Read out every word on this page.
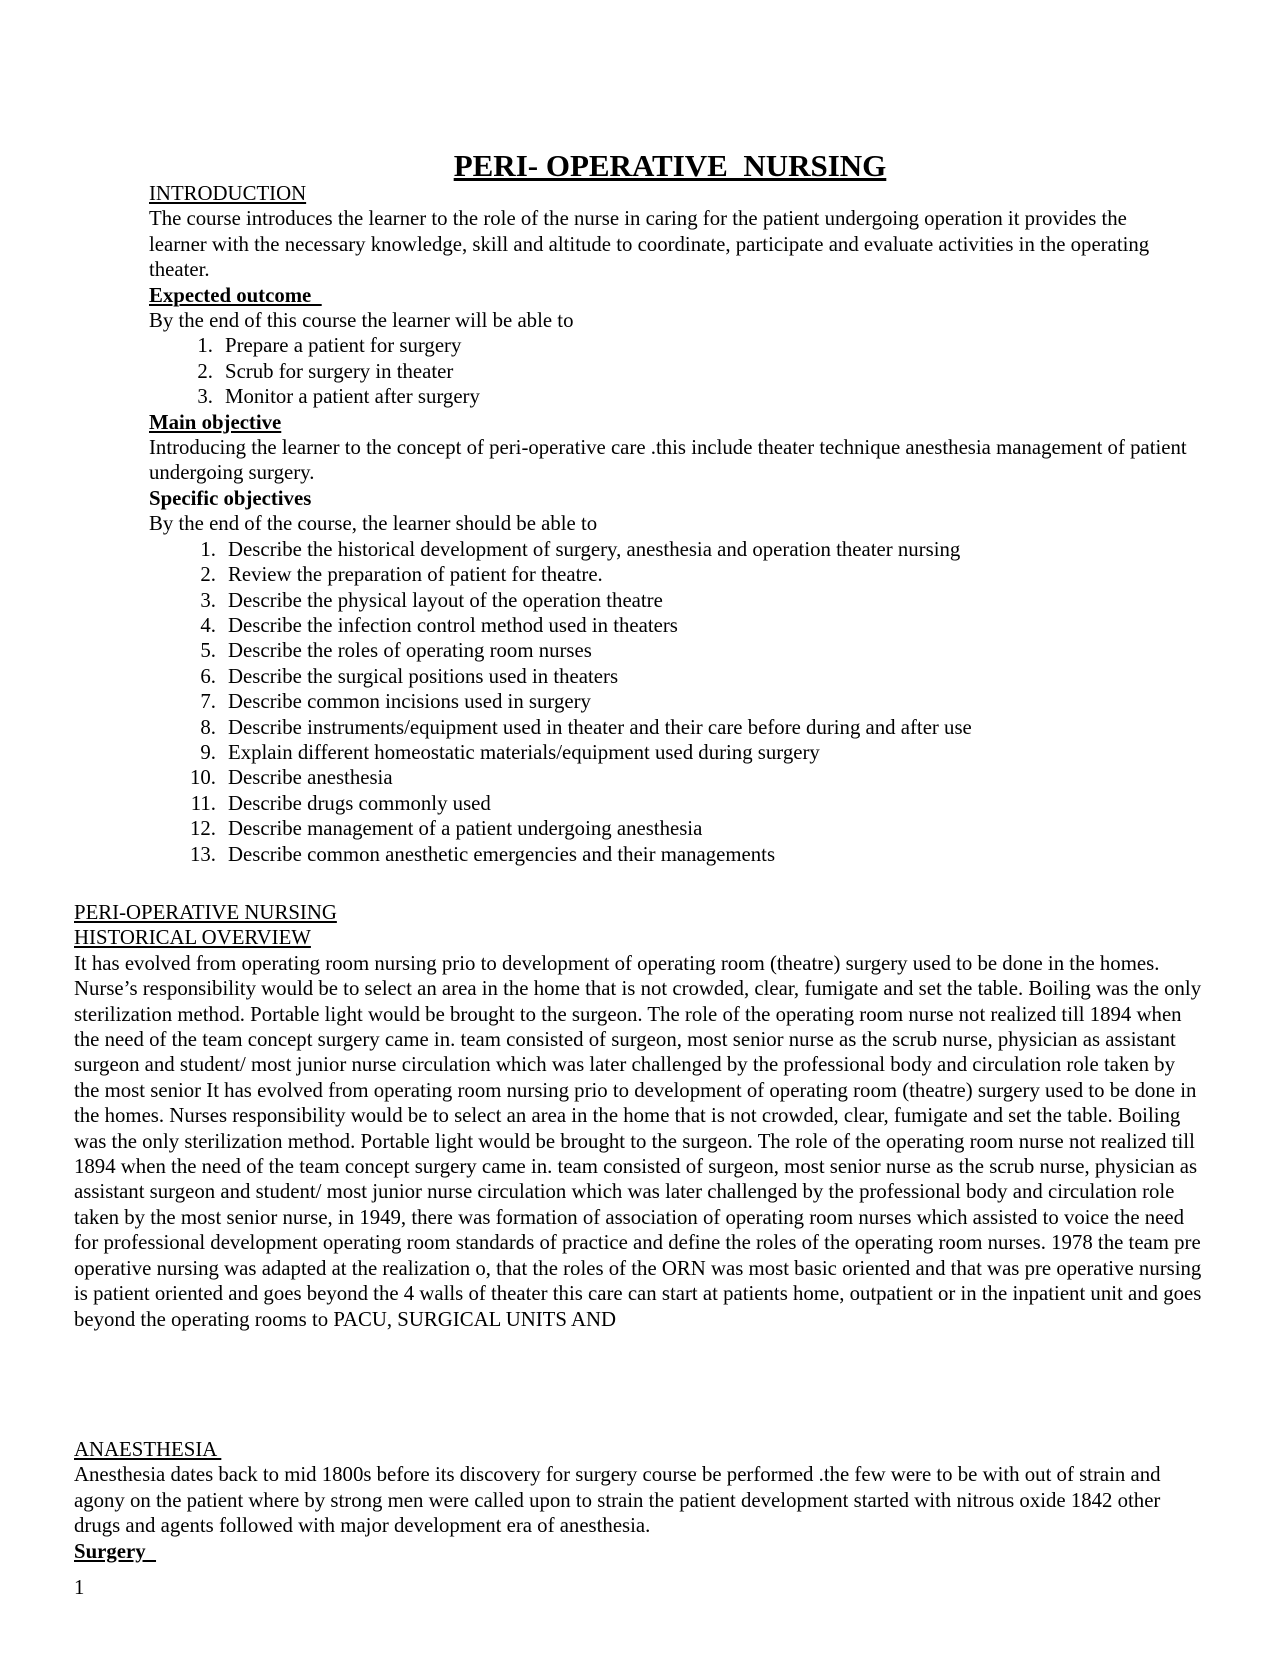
PERI- OPERATIVE  NURSING

INTRODUCTION

The course introduces the learner to the role of the nurse in caring for the patient undergoing operation it provides the learner with the necessary knowledge, skill and altitude to coordinate, participate and evaluate activities in the operating theater.

Expected outcome

By the end of this course the learner will be able to

1. Prepare a patient for surgery
2. Scrub for surgery in theater
3. Monitor a patient after surgery

Main objective

Introducing the learner to the concept of peri-operative care .this include theater technique anesthesia management of patient undergoing surgery.

Specific objectives

By the end of the course, the learner should be able to

1. Describe the historical development of surgery, anesthesia and operation theater nursing
2. Review the preparation of patient for theatre.
3. Describe the physical layout of the operation theatre
4. Describe the infection control method used in theaters
5. Describe the roles of operating room nurses
6. Describe the surgical positions used in theaters
7. Describe common incisions used in surgery
8. Describe instruments/equipment used in theater and their care before during and after use
9. Explain different homeostatic materials/equipment used during surgery
10. Describe anesthesia
11. Describe drugs commonly used
12. Describe management of a patient undergoing anesthesia
13. Describe common anesthetic emergencies and their managements

PERI-OPERATIVE NURSING

HISTORICAL OVERVIEW

It has evolved from operating room nursing prio to development of operating room (theatre) surgery used to be done in the homes. Nurse’s responsibility would be to select an area in the home that is not crowded, clear, fumigate and set the table. Boiling was the only sterilization method. Portable light would be brought to the surgeon. The role of the operating room nurse not realized till 1894 when the need of the team concept surgery came in. team consisted of surgeon, most senior nurse as the scrub nurse, physician as assistant surgeon and student/ most junior nurse circulation which was later challenged by the professional body and circulation role taken by the most senior It has evolved from operating room nursing prio to development of operating room (theatre) surgery used to be done in the homes. Nurses responsibility would be to select an area in the home that is not crowded, clear, fumigate and set the table. Boiling was the only sterilization method. Portable light would be brought to the surgeon. The role of the operating room nurse not realized till 1894 when the need of the team concept surgery came in. team consisted of surgeon, most senior nurse as the scrub nurse, physician as assistant surgeon and student/ most junior nurse circulation which was later challenged by the professional body and circulation role taken by the most senior nurse, in 1949, there was formation of association of operating room nurses which assisted to voice the need for professional development operating room standards of practice and define the roles of the operating room nurses. 1978 the team pre operative nursing was adapted at the realization o, that the roles of the ORN was most basic oriented and that was pre operative nursing is patient oriented and goes beyond the 4 walls of theater this care can start at patients home, outpatient or in the inpatient unit and goes beyond the operating rooms to PACU, SURGICAL UNITS AND

ANAESTHESIA

Anesthesia dates back to mid 1800s before its discovery for surgery course be performed .the few were to be with out of strain and agony on the patient where by strong men were called upon to strain the patient development started with nitrous oxide 1842 other drugs and agents followed with major development era of anesthesia.

Surgery

1
